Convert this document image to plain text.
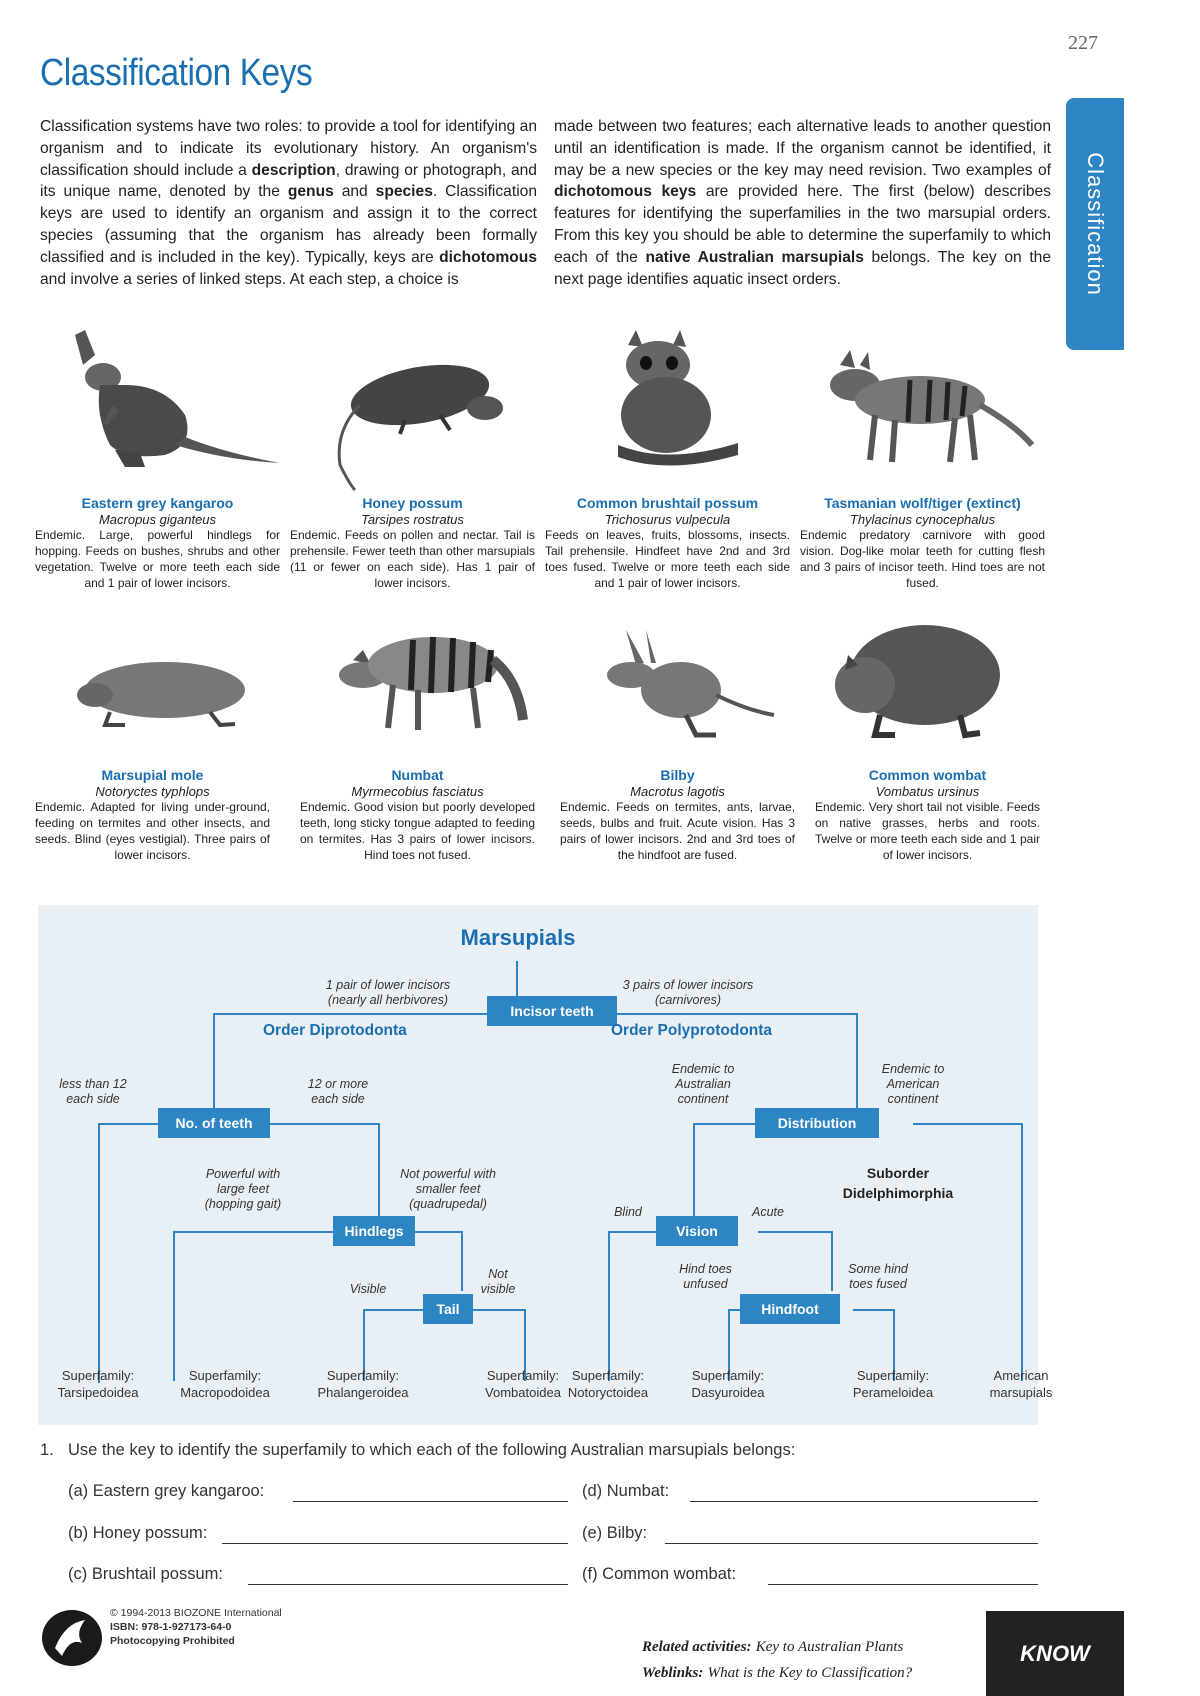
227
Classification Keys
Classification
Classification systems have two roles: to provide a tool for identifying an organism and to indicate its evolutionary history. An organism's classification should include a description, drawing or photograph, and its unique name, denoted by the genus and species. Classification keys are used to identify an organism and assign it to the correct species (assuming that the organism has already been formally classified and is included in the key). Typically, keys are dichotomous and involve a series of linked steps. At each step, a choice is
made between two features; each alternative leads to another question until an identification is made. If the organism cannot be identified, it may be a new species or the key may need revision. Two examples of dichotomous keys are provided here. The first (below) describes features for identifying the superfamilies in the two marsupial orders. From this key you should be able to determine the superfamily to which each of the native Australian marsupials belongs. The key on the next page identifies aquatic insect orders.
Eastern grey kangaroo
Macropus giganteus
Endemic. Large, powerful hindlegs for hopping. Feeds on bushes, shrubs and other vegetation. Twelve or more teeth each side and 1 pair of lower incisors.
Honey possum
Tarsipes rostratus
Endemic. Feeds on pollen and nectar. Tail is prehensile. Fewer teeth than other marsupials (11 or fewer on each side). Has 1 pair of lower incisors.
Common brushtail possum
Trichosurus vulpecula
Feeds on leaves, fruits, blossoms, insects. Tail prehensile. Hindfeet have 2nd and 3rd toes fused. Twelve or more teeth each side and 1 pair of lower incisors.
Tasmanian wolf/tiger (extinct)
Thylacinus cynocephalus
Endemic predatory carnivore with good vision. Dog-like molar teeth for cutting flesh and 3 pairs of incisor teeth. Hind toes are not fused.
Marsupial mole
Notoryctes typhlops
Endemic. Adapted for living under-ground, feeding on termites and other insects, and seeds. Blind (eyes vestigial). Three pairs of lower incisors.
Numbat
Myrmecobius fasciatus
Endemic. Good vision but poorly developed teeth, long sticky tongue adapted to feeding on termites. Has 3 pairs of lower incisors. Hind toes not fused.
Bilby
Macrotus lagotis
Endemic. Feeds on termites, ants, larvae, seeds, bulbs and fruit. Acute vision. Has 3 pairs of lower incisors. 2nd and 3rd toes of the hindfoot are fused.
Common wombat
Vombatus ursinus
Endemic. Very short tail not visible. Feeds on native grasses, herbs and roots. Twelve or more teeth each side and 1 pair of lower incisors.
Marsupials
Incisor teeth
1 pair of lower incisors
(nearly all herbivores)
3 pairs of lower incisors
(carnivores)
Order Diprotodonta	Order Polyprotodonta
No. of teeth
less than 12
each side
12 or more
each side
Hindlegs
Powerful with
large feet
(hopping gait)
Not powerful with
smaller feet
(quadrupedal)
Tail
Visible
Not
visible
Distribution
Endemic to
Australian
continent
Endemic to
American
continent
Suborder
Didelphimorphia
Vision
Blind	Acute
Hindfoot
Hind toes
unfused
Some hind
toes fused
Superfamily:
Tarsipedoidea
Superfamily:
Macropodoidea
Superfamily:
Phalangeroidea
Superfamily:
Vombatoidea
Superfamily:
Notoryctoidea
Superfamily:
Dasyuroidea
Superfamily:
Perameloidea
American
marsupials
1. Use the key to identify the superfamily to which each of the following Australian marsupials belongs:
(a) Eastern grey kangaroo:
(b) Honey possum:
(c) Brushtail possum:
(d) Numbat:
(e) Bilby:
(f) Common wombat:
© 1994-2013 BIOZONE International
ISBN: 978-1-927173-64-0
Photocopying Prohibited	Related activities: Key to Australian Plants
Weblinks: What is the Key to Classification?
KNOW
